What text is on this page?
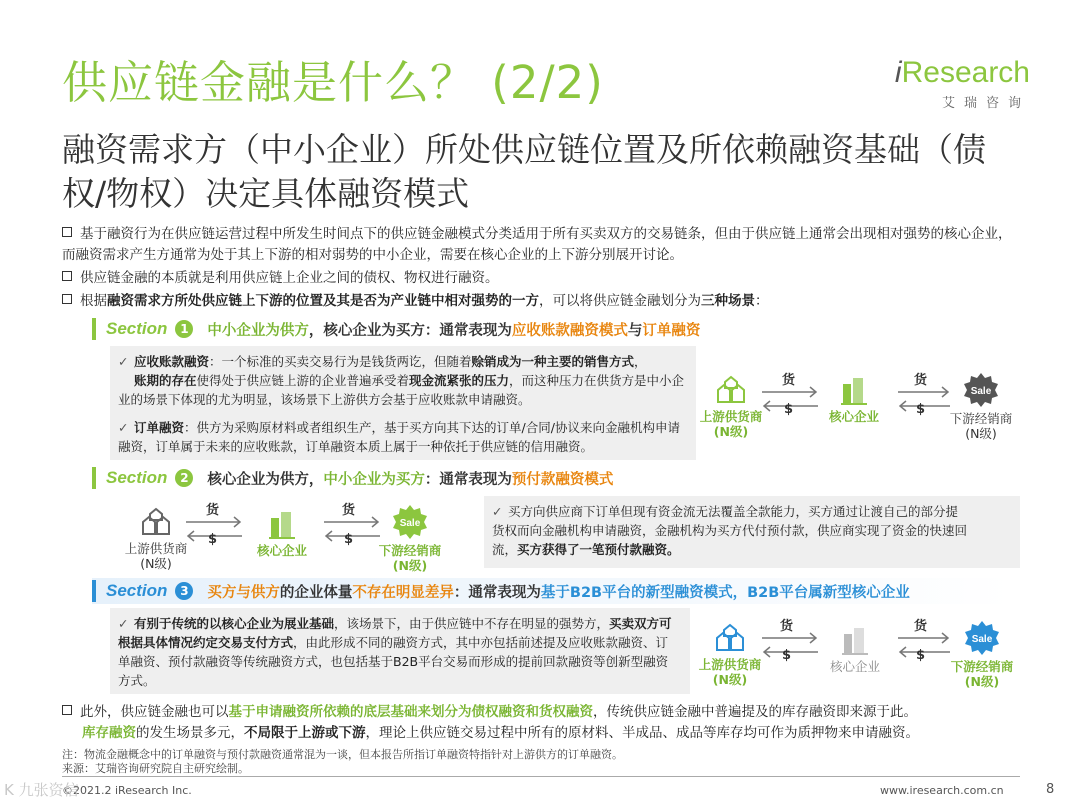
供应链金融是什么？ (2/2)
融资需求方（中小企业）所处供应链位置及所依赖融资基础（债权/物权）决定具体融资模式
iResearch
艾瑞咨询
基于融资行为在供应链运营过程中所发生时间点下的供应链金融模式分类适用于所有买卖双方的交易链条，但由于供应链上通常会出现相对强势的核心企业，而融资需求产生方通常为处于其上下游的相对弱势的中小企业，需要在核心企业的上下游分别展开讨论。
供应链金融的本质就是利用供应链上企业之间的债权、物权进行融资。
根据融资需求方所处供应链上下游的位置及其是否为产业链中相对强势的一方，可以将供应链金融划分为三种场景：
Section	1	中小企业为供方，核心企业为买方：通常表现为应收账款融资模式与订单融资
✓ 应收账款融资：一个标准的买卖交易行为是钱货两讫，但随着赊销成为一种主要的销售方式，
账期的存在使得处于供应链上游的企业普遍承受着现金流紧张的压力，而这种压力在供货方是中小企业的场景下体现的尤为明显，该场景下上游供方会基于应收账款申请融资。
✓ 订单融资：供方为采购原材料或者组织生产，基于买方向其下达的订单/合同/协议来向金融机构申请融资，订单属于未来的应收账款，订单融资本质上属于一种依托于供应链的信用融资。

上游供货商
(N级)
货
$	核心企业
货
$
Sale

下游经销商
(N级)
Section	2	核心企业为供方，中小企业为买方：通常表现为预付款融资模式

上游供货商
(N级)
货
$

核心企业
货
$
Sale

下游经销商
(N级)
✓ 买方向供应商下订单但现有资金流无法覆盖全款能力，买方通过让渡自己的部分提货权而向金融机构申请融资，金融机构为买方代付预付款，供应商实现了资金的快速回流，买方获得了一笔预付款融资。
Section	3	买方与供方的企业体量不存在明显差异：通常表现为基于B2B平台的新型融资模式，B2B平台属新型核心企业
✓ 有别于传统的以核心企业为展业基础，该场景下，由于供应链中不存在明显的强势方，买卖双方可根据具体情况约定交易支付方式，由此形成不同的融资方式，其中亦包括前述提及应收账款融资、订单融资、预付款融资等传统融资方式，也包括基于B2B平台交易而形成的提前回款融资等创新型融资方式。

上游供货商
(N级)
货
$

核心企业
货
$
Sale

下游经销商
(N级)
此外，供应链金融也可以基于申请融资所依赖的底层基础来划分为债权融资和货权融资，传统供应链金融中普遍提及的库存融资即来源于此。
库存融资的发生场景多元，不局限于上游或下游，理论上供应链交易过程中所有的原材料、半成品、成品等库存均可作为质押物来申请融资。
注：物流金融概念中的订单融资与预付款融资通常混为一谈，但本报告所指订单融资特指针对上游供方的订单融资。
来源：艾瑞咨询研究院自主研究绘制。
©2021.2 iResearch Inc.	www.iresearch.com.cn	8
K 九张资信
